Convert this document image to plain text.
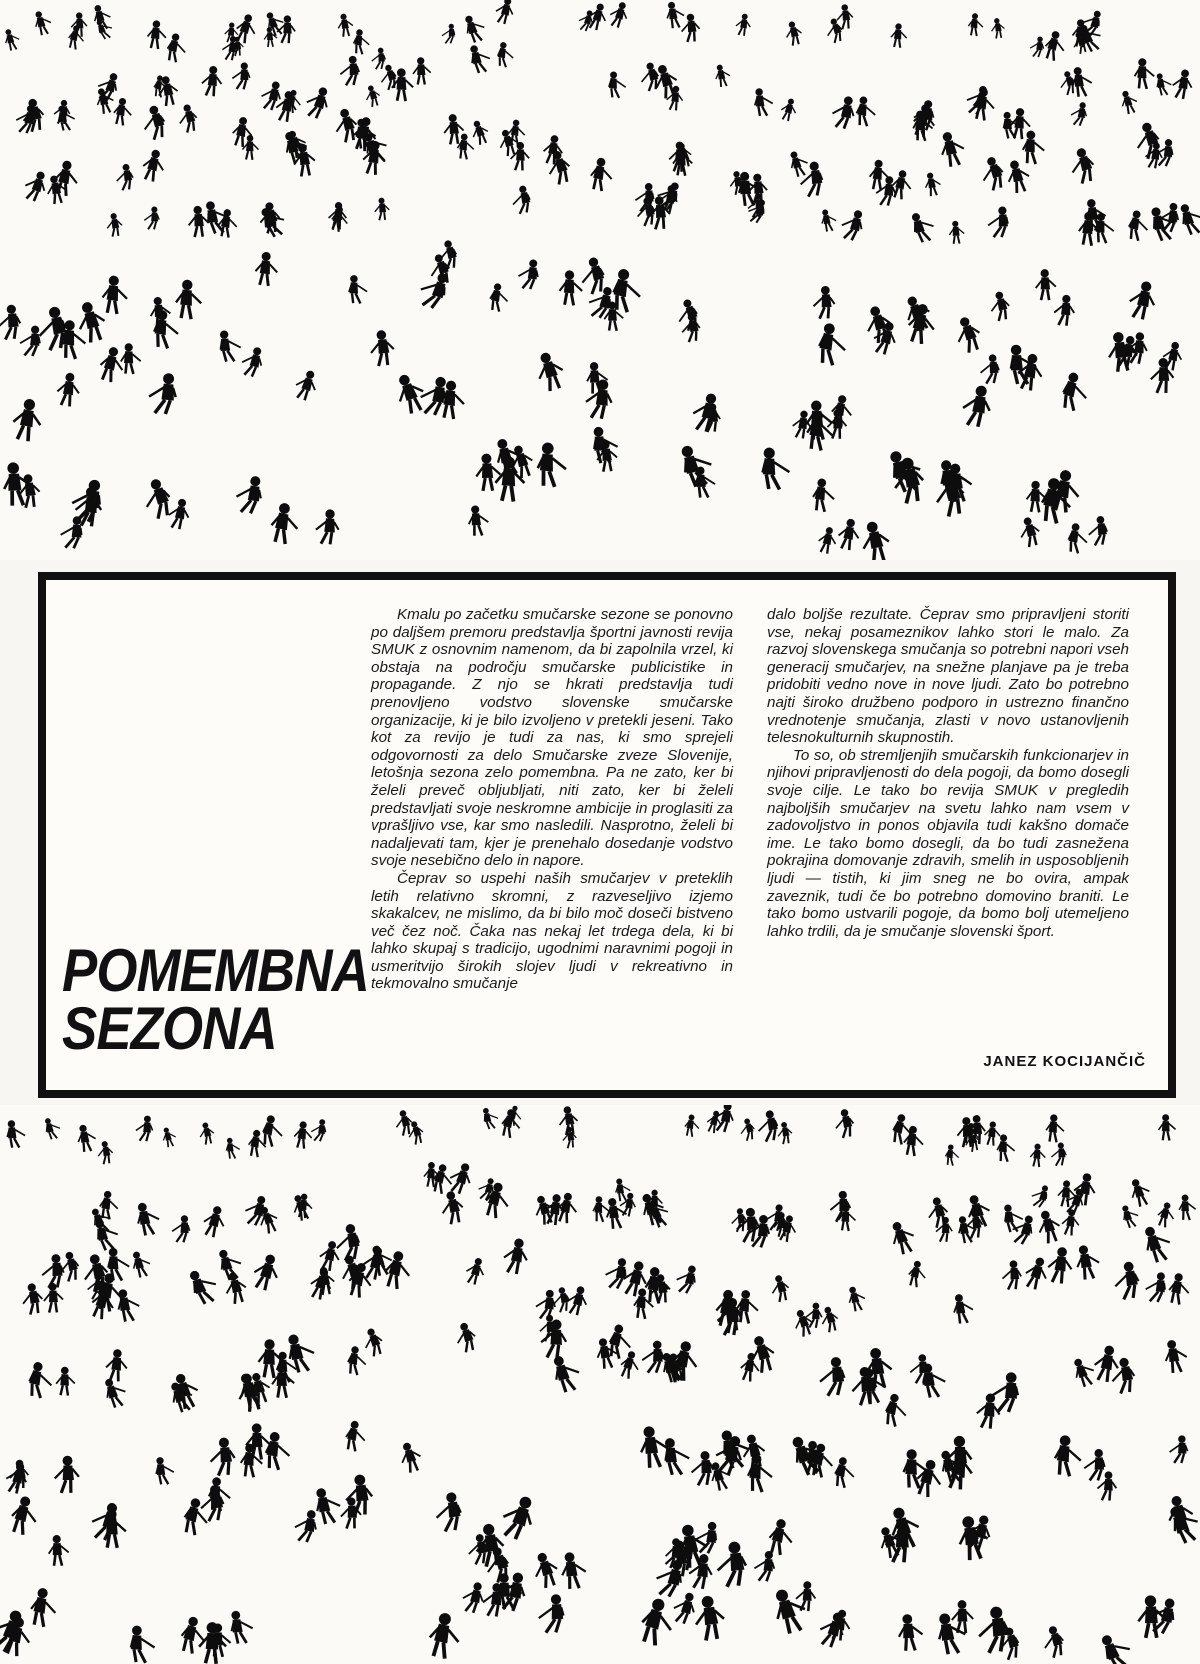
POMEMBNA
SEZONA

Kmalu po začetku smučarske sezone se ponovno po daljšem premoru predstavlja športni javnosti revija SMUK z osnovnim namenom, da bi zapolnila vrzel, ki obstaja na področju smučarske publicistike in propagande. Z njo se hkrati predstavlja tudi prenovljeno vodstvo slovenske smučarske organizacije, ki je bilo izvoljeno v pretekli jeseni. Tako kot za revijo je tudi za nas, ki smo sprejeli odgovornosti za delo Smučarske zveze Slovenije, letošnja sezona zelo pomembna. Pa ne zato, ker bi želeli preveč obljubljati, niti zato, ker bi želeli predstavljati svoje neskromne ambicije in proglasiti za vprašljivo vse, kar smo nasledili. Nasprotno, želeli bi nadaljevati tam, kjer je prenehalo dosedanje vodstvo svoje nesebično delo in napore.

Čeprav so uspehi naših smučarjev v preteklih letih relativno skromni, z razveseljivo izjemo skakalcev, ne mislimo, da bi bilo moč doseči bistveno več čez noč. Čaka nas nekaj let trdega dela, ki bi lahko skupaj s tradicijo, ugodnimi naravnimi pogoji in usmeritvijo širokih slojev ljudi v rekreativno in tekmovalno smučanje

dalo boljše rezultate. Čeprav smo pripravljeni storiti vse, nekaj posameznikov lahko stori le malo. Za razvoj slovenskega smučanja so potrebni napori vseh generacij smučarjev, na snežne planjave pa je treba pridobiti vedno nove in nove ljudi. Zato bo potrebno najti široko družbeno podporo in ustrezno finančno vrednotenje smučanja, zlasti v novo ustanovljenih telesnokulturnih skupnostih.

To so, ob stremljenjih smučarskih funkcionarjev in njihovi pripravljenosti do dela pogoji, da bomo dosegli svoje cilje. Le tako bo revija SMUK v pregledih najboljših smučarjev na svetu lahko nam vsem v zadovoljstvo in ponos objavila tudi kakšno domače ime. Le tako bomo dosegli, da bo tudi zasnežena pokrajina domovanje zdravih, smelih in usposobljenih ljudi — tistih, ki jim sneg ne bo ovira, ampak zaveznik, tudi če bo potrebno domovino braniti. Le tako bomo ustvarili pogoje, da bomo bolj utemeljeno lahko trdili, da je smučanje slovenski šport.

JANEZ KOCIJANČIČ
